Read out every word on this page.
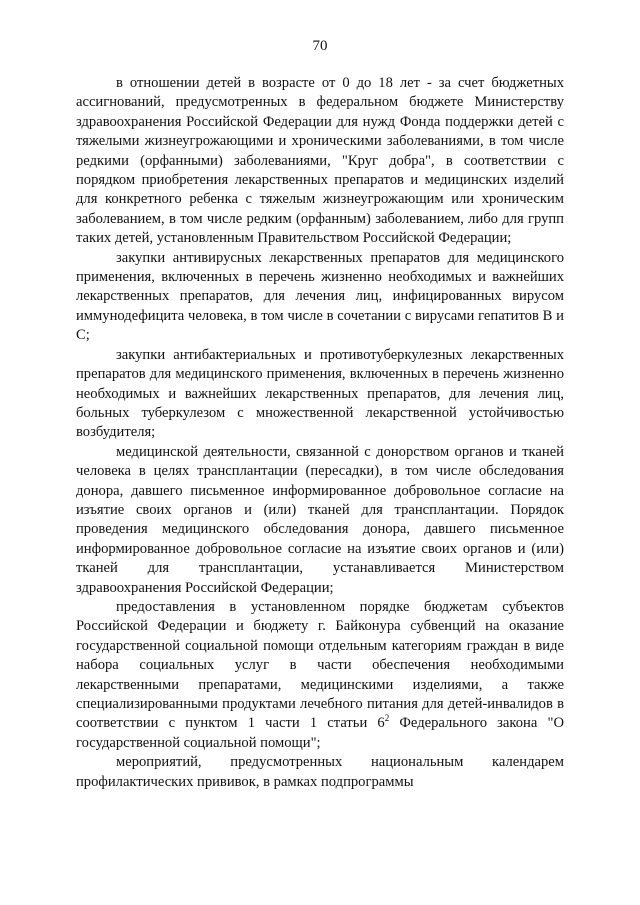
70

в отношении детей в возрасте от 0 до 18 лет - за счет бюджетных ассигнований, предусмотренных в федеральном бюджете Министерству здравоохранения Российской Федерации для нужд Фонда поддержки детей с тяжелыми жизнеугрожающими и хроническими заболеваниями, в том числе редкими (орфанными) заболеваниями, "Круг добра", в соответствии с порядком приобретения лекарственных препаратов и медицинских изделий для конкретного ребенка с тяжелым жизнеугрожающим или хроническим заболеванием, в том числе редким (орфанным) заболеванием, либо для групп таких детей, установленным Правительством Российской Федерации;

закупки антивирусных лекарственных препаратов для медицинского применения, включенных в перечень жизненно необходимых и важнейших лекарственных препаратов, для лечения лиц, инфицированных вирусом иммунодефицита человека, в том числе в сочетании с вирусами гепатитов B и C;

закупки антибактериальных и противотуберкулезных лекарственных препаратов для медицинского применения, включенных в перечень жизненно необходимых и важнейших лекарственных препаратов, для лечения лиц, больных туберкулезом с множественной лекарственной устойчивостью возбудителя;

медицинской деятельности, связанной с донорством органов и тканей человека в целях трансплантации (пересадки), в том числе обследования донора, давшего письменное информированное добровольное согласие на изъятие своих органов и (или) тканей для трансплантации. Порядок проведения медицинского обследования донора, давшего письменное информированное добровольное согласие на изъятие своих органов и (или) тканей для трансплантации, устанавливается Министерством здравоохранения Российской Федерации;

предоставления в установленном порядке бюджетам субъектов Российской Федерации и бюджету г. Байконура субвенций на оказание государственной социальной помощи отдельным категориям граждан в виде набора социальных услуг в части обеспечения необходимыми лекарственными препаратами, медицинскими изделиями, а также специализированными продуктами лечебного питания для детей-инвалидов в соответствии с пунктом 1 части 1 статьи $6^2$ Федерального закона "О государственной социальной помощи";

мероприятий, предусмотренных национальным календарем профилактических прививок, в рамках подпрограммы
